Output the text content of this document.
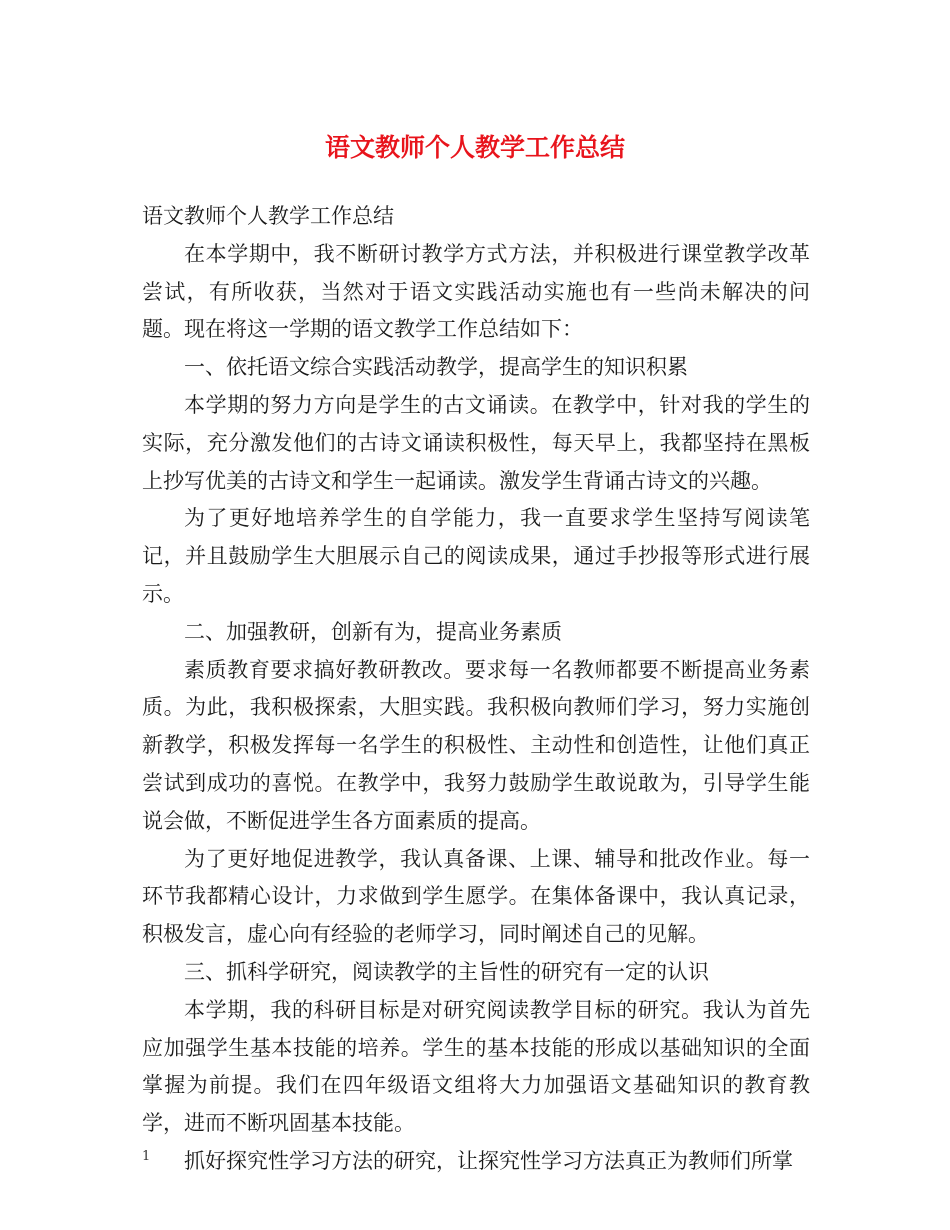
语文教师个人教学工作总结

语文教师个人教学工作总结

在本学期中，我不断研讨教学方式方法，并积极进行课堂教学改革尝试，有所收获，当然对于语文实践活动实施也有一些尚未解决的问题。现在将这一学期的语文教学工作总结如下：

一、依托语文综合实践活动教学，提高学生的知识积累

本学期的努力方向是学生的古文诵读。在教学中，针对我的学生的实际，充分激发他们的古诗文诵读积极性，每天早上，我都坚持在黑板上抄写优美的古诗文和学生一起诵读。激发学生背诵古诗文的兴趣。

为了更好地培养学生的自学能力，我一直要求学生坚持写阅读笔记，并且鼓励学生大胆展示自己的阅读成果，通过手抄报等形式进行展示。

二、加强教研，创新有为，提高业务素质

素质教育要求搞好教研教改。要求每一名教师都要不断提高业务素质。为此，我积极探索，大胆实践。我积极向教师们学习，努力实施创新教学，积极发挥每一名学生的积极性、主动性和创造性，让他们真正尝试到成功的喜悦。在教学中，我努力鼓励学生敢说敢为，引导学生能说会做，不断促进学生各方面素质的提高。

为了更好地促进教学，我认真备课、上课、辅导和批改作业。每一环节我都精心设计，力求做到学生愿学。在集体备课中，我认真记录，积极发言，虚心向有经验的老师学习，同时阐述自己的见解。

三、抓科学研究，阅读教学的主旨性的研究有一定的认识

本学期，我的科研目标是对研究阅读教学目标的研究。我认为首先应加强学生基本技能的培养。学生的基本技能的形成以基础知识的全面掌握为前提。我们在四年级语文组将大力加强语文基础知识的教育教学，进而不断巩固基本技能。

抓好探究性学习方法的研究，让探究性学习方法真正为教师们所掌

1
